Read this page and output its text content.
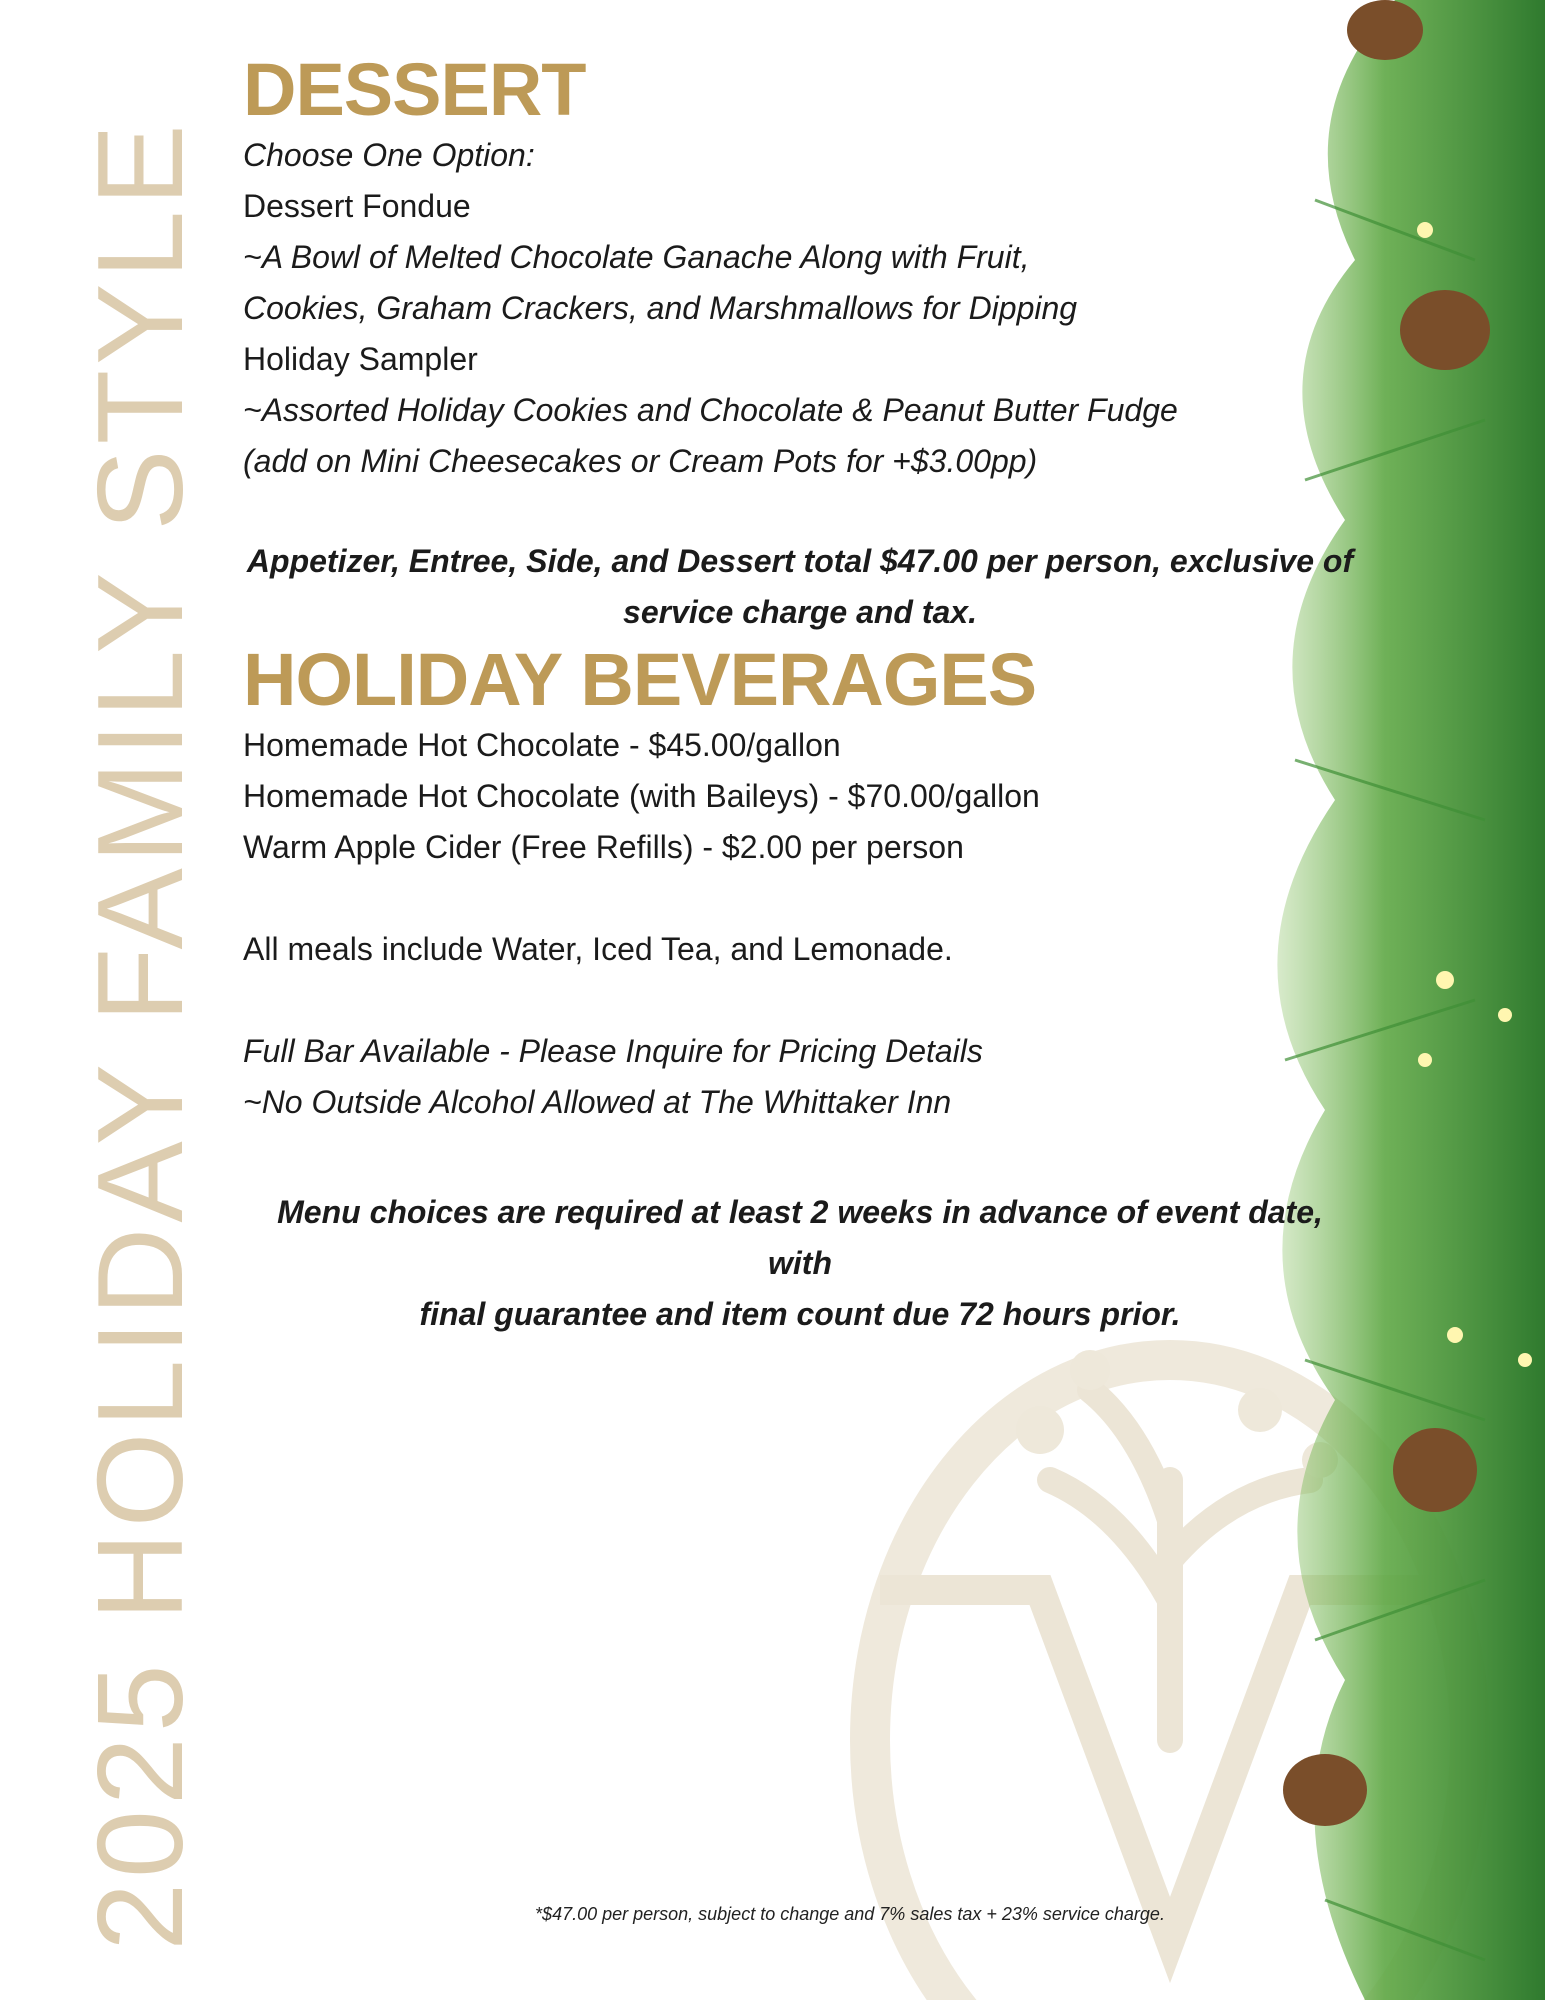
2025 HOLIDAY FAMILY STYLE
DESSERT
Choose One Option:
Dessert Fondue
~A Bowl of Melted Chocolate Ganache Along with Fruit,
Cookies, Graham Crackers, and Marshmallows for Dipping
Holiday Sampler
~Assorted Holiday Cookies and Chocolate & Peanut Butter Fudge
(add on Mini Cheesecakes or Cream Pots for +$3.00pp)
Appetizer, Entree, Side, and Dessert total $47.00 per person, exclusive of
service charge and tax.
HOLIDAY BEVERAGES
Homemade Hot Chocolate - $45.00/gallon
Homemade Hot Chocolate (with Baileys) - $70.00/gallon
Warm Apple Cider (Free Refills) - $2.00 per person
All meals include Water, Iced Tea, and Lemonade.
Full Bar Available - Please Inquire for Pricing Details
~No Outside Alcohol Allowed at The Whittaker Inn
Menu choices are required at least 2 weeks in advance of event date, with
final guarantee and item count due 72 hours prior.
*$47.00 per person, subject to change and 7% sales tax + 23% service charge.
